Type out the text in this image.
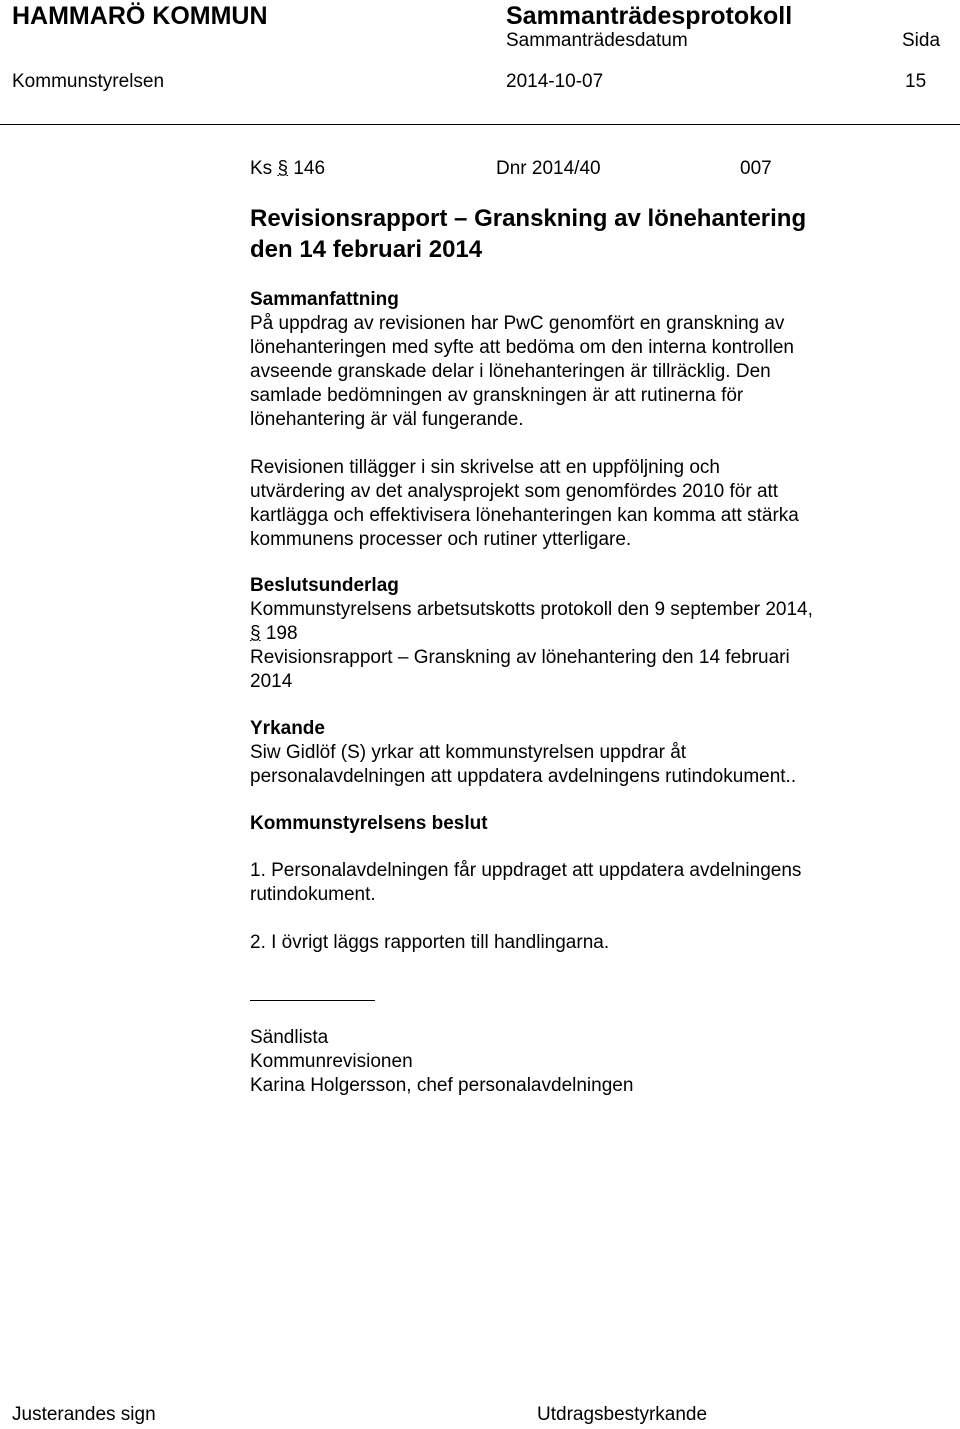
HAMMARÖ KOMMUN	Sammanträdesprotokoll
Sammanträdesdatum	Sida
Kommunstyrelsen	2014-10-07	15
Ks § 146	Dnr 2014/40	007
Revisionsrapport – Granskning av lönehantering
den 14 februari 2014
Sammanfattning
På uppdrag av revisionen har PwC genomfört en granskning av
lönehanteringen med syfte att bedöma om den interna kontrollen
avseende granskade delar i lönehanteringen är tillräcklig. Den
samlade bedömningen av granskningen är att rutinerna för
lönehantering är väl fungerande.
Revisionen tillägger i sin skrivelse att en uppföljning och
utvärdering av det analysprojekt som genomfördes 2010 för att
kartlägga och effektivisera lönehanteringen kan komma att stärka
kommunens processer och rutiner ytterligare.
Beslutsunderlag
Kommunstyrelsens arbetsutskotts protokoll den 9 september 2014,
§ 198
Revisionsrapport – Granskning av lönehantering den 14 februari
2014
Yrkande
Siw Gidlöf (S) yrkar att kommunstyrelsen uppdrar åt
personalavdelningen att uppdatera avdelningens rutindokument..
Kommunstyrelsens beslut
1. Personalavdelningen får uppdraget att uppdatera avdelningens
rutindokument.
2. I övrigt läggs rapporten till handlingarna.
Sändlista
Kommunrevisionen
Karina Holgersson, chef personalavdelningen
Justerandes sign	Utdragsbestyrkande
